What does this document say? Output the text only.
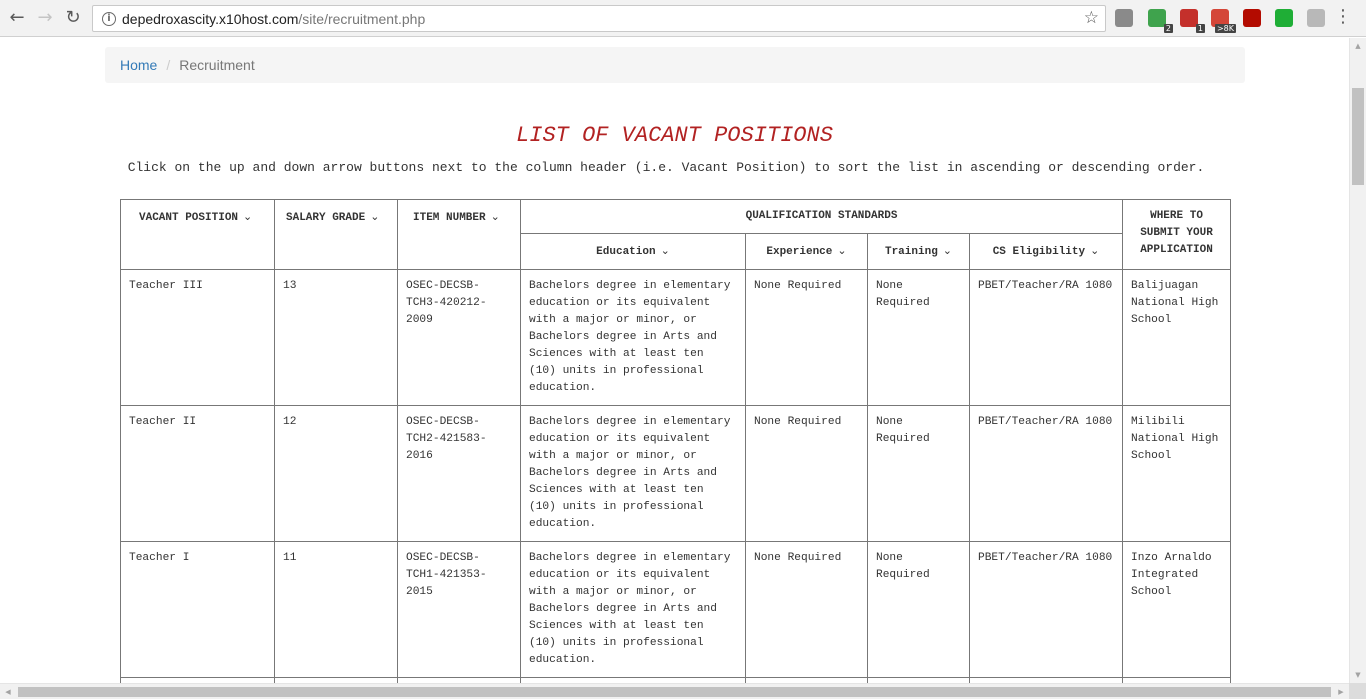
← → ↻	i depedroxascity.x10host.com/site/recruitment.php	☆
2	1 >8K
⋮
Home / Recruitment
LIST OF VACANT POSITIONS
Click on the up and down arrow buttons next to the column header (i.e. Vacant Position) to sort the list in ascending or descending order.
VACANT POSITION ⌄	SALARY GRADE ⌄	ITEM NUMBER ⌄	QUALIFICATION STANDARDS				WHERE TO SUBMIT YOUR APPLICATION
			Education ⌄	Experience ⌄	Training ⌄	CS Eligibility ⌄	
Teacher III	13	OSEC-DECSB-TCH3-420212-2009	Bachelors degree in elementary education or its equivalent with a major or minor, or Bachelors degree in Arts and Sciences with at least ten (10) units in professional education.	None Required	None Required	PBET/Teacher/RA 1080	Balijuagan National High School
Teacher II	12	OSEC-DECSB-TCH2-421583-2016	Bachelors degree in elementary education or its equivalent with a major or minor, or Bachelors degree in Arts and Sciences with at least ten (10) units in professional education.	None Required	None Required	PBET/Teacher/RA 1080	Milibili National High School
Teacher I	11	OSEC-DECSB-TCH1-421353-2015	Bachelors degree in elementary education or its equivalent with a major or minor, or Bachelors degree in Arts and Sciences with at least ten (10) units in professional education.	None Required	None Required	PBET/Teacher/RA 1080	Inzo Arnaldo Integrated School

▲
▼
◀	▶
